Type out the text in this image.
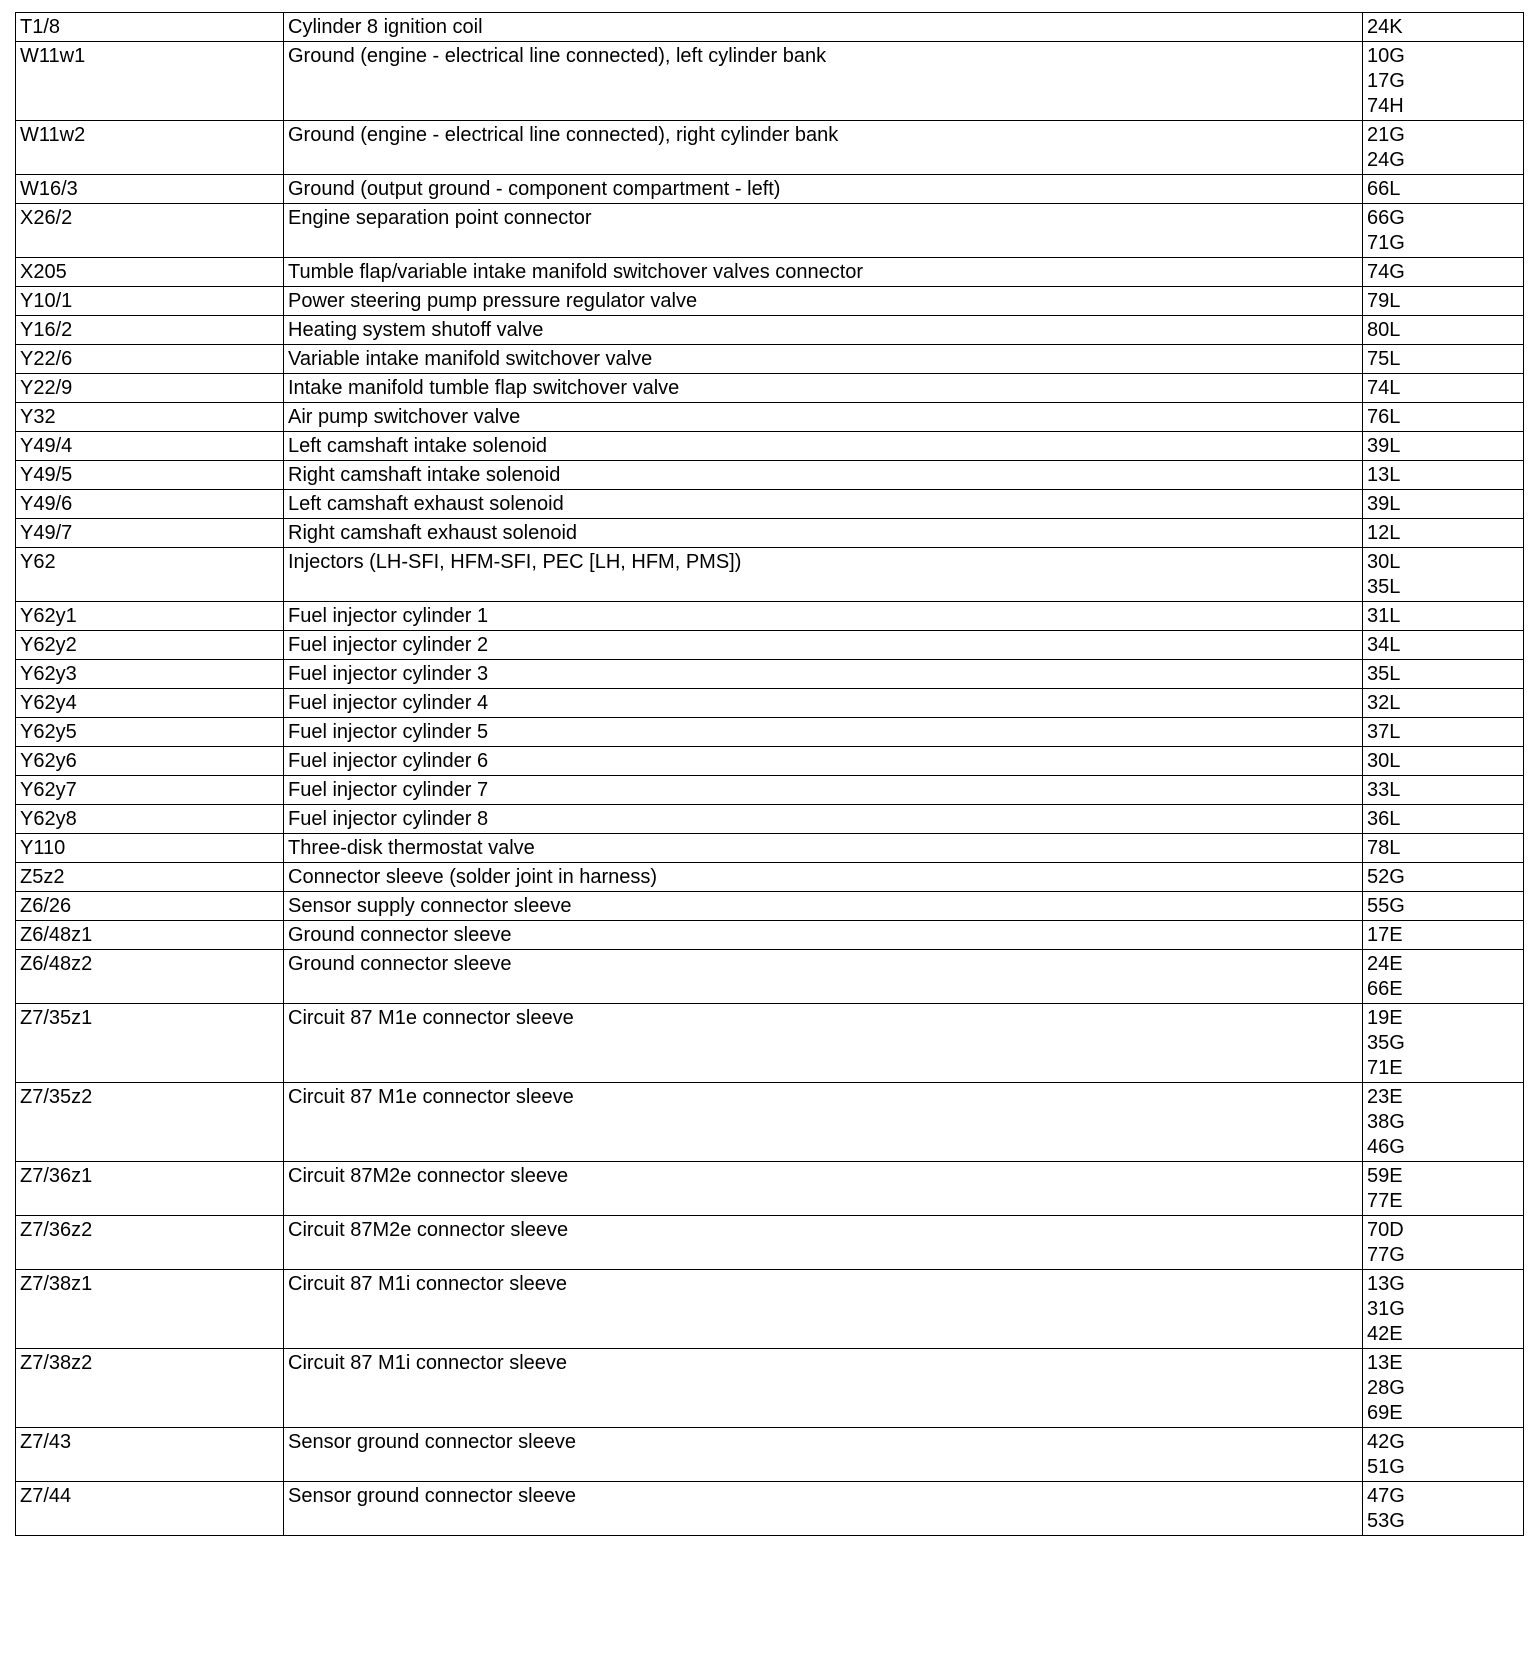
T1/8	Cylinder 8 ignition coil	24K

W11w1	Ground (engine - electrical line connected), left cylinder bank	10G
17G
74H

W11w2	Ground (engine - electrical line connected), right cylinder bank	21G
24G

W16/3	Ground (output ground - component compartment - left)	66L

X26/2	Engine separation point connector	66G
71G

X205	Tumble flap/variable intake manifold switchover valves connector	74G

Y10/1	Power steering pump pressure regulator valve	79L

Y16/2	Heating system shutoff valve	80L

Y22/6	Variable intake manifold switchover valve	75L

Y22/9	Intake manifold tumble flap switchover valve	74L

Y32	Air pump switchover valve	76L

Y49/4	Left camshaft intake solenoid	39L

Y49/5	Right camshaft intake solenoid	13L

Y49/6	Left camshaft exhaust solenoid	39L

Y49/7	Right camshaft exhaust solenoid	12L

Y62	Injectors (LH-SFI, HFM-SFI, PEC [LH, HFM, PMS])	30L
35L

Y62y1	Fuel injector cylinder 1	31L

Y62y2	Fuel injector cylinder 2	34L

Y62y3	Fuel injector cylinder 3	35L

Y62y4	Fuel injector cylinder 4	32L

Y62y5	Fuel injector cylinder 5	37L

Y62y6	Fuel injector cylinder 6	30L

Y62y7	Fuel injector cylinder 7	33L

Y62y8	Fuel injector cylinder 8	36L

Y110	Three-disk thermostat valve	78L

Z5z2	Connector sleeve (solder joint in harness)	52G

Z6/26	Sensor supply connector sleeve	55G

Z6/48z1	Ground connector sleeve	17E

Z6/48z2	Ground connector sleeve	24E
66E

Z7/35z1	Circuit 87 M1e connector sleeve	19E
35G
71E

Z7/35z2	Circuit 87 M1e connector sleeve	23E
38G
46G

Z7/36z1	Circuit 87M2e connector sleeve	59E
77E

Z7/36z2	Circuit 87M2e connector sleeve	70D
77G

Z7/38z1	Circuit 87 M1i connector sleeve	13G
31G
42E

Z7/38z2	Circuit 87 M1i connector sleeve	13E
28G
69E

Z7/43	Sensor ground connector sleeve	42G
51G

Z7/44	Sensor ground connector sleeve	47G
53G
